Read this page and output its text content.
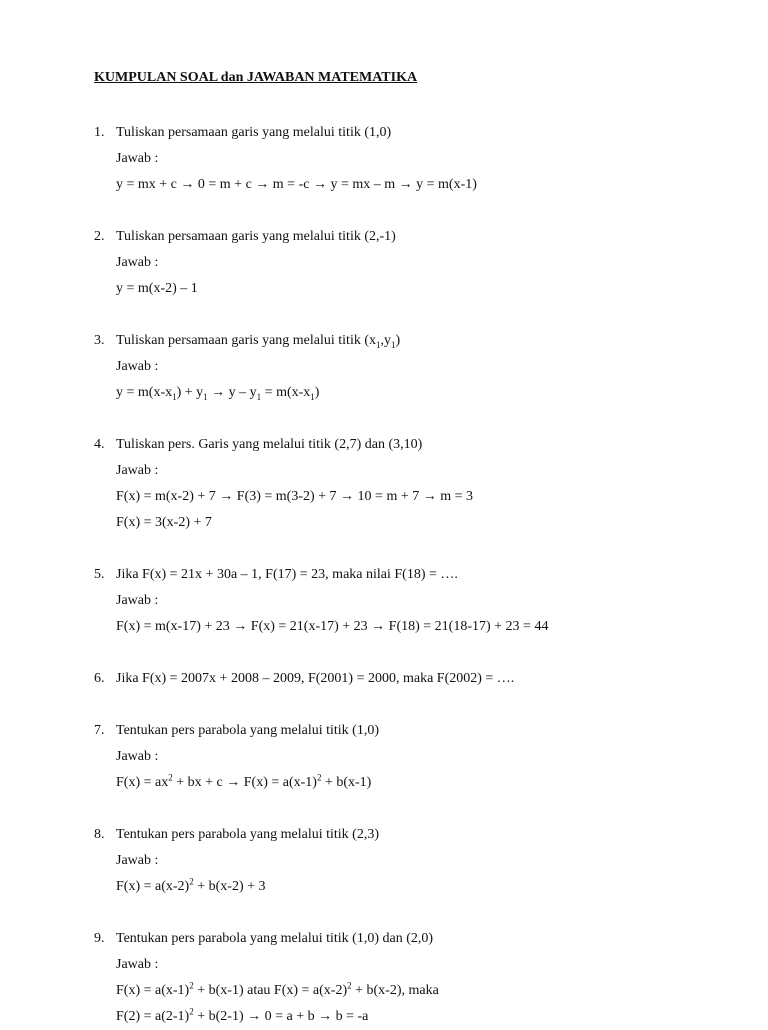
KUMPULAN SOAL dan JAWABAN MATEMATIKA
1. Tuliskan persamaan garis yang melalui titik (1,0)
Jawab :
y = mx + c → 0 = m + c → m = -c → y = mx – m → y = m(x-1)
2. Tuliskan persamaan garis yang melalui titik (2,-1)
Jawab :
y = m(x-2) – 1
3. Tuliskan persamaan garis yang melalui titik $(x_1,y_1)$
Jawab :
$y = m(x-x_1) + y_1 \to y - y_1 = m(x-x_1)$
4. Tuliskan pers. Garis yang melalui titik (2,7) dan (3,10)
Jawab :
F(x) = m(x-2) + 7 → F(3) = m(3-2) + 7 → 10 = m + 7 → m = 3
F(x) = 3(x-2) + 7
5. Jika F(x) = 21x + 30a – 1, F(17) = 23, maka nilai F(18) = ….
Jawab :
F(x) = m(x-17) + 23 → F(x) = 21(x-17) + 23 → F(18) = 21(18-17) + 23 = 44
6. Jika F(x) = 2007x + 2008 – 2009, F(2001) = 2000, maka F(2002) = ….
7. Tentukan pers parabola yang melalui titik (1,0)
Jawab :
$F(x) = ax^2$ + bx + $c \to F(x) = a(x-1)^2 + b(x-1)$
8. Tentukan pers parabola yang melalui titik (2,3)
Jawab :
$F(x) = a(x-2)^2 + b(x-2) + 3$
9. Tentukan pers parabola yang melalui titik (1,0) dan (2,0)
Jawab :
$F(x) = a(x-1)^2 + b(x-1)$ atau $F(x) = a(x-2)^2 + b(x-2)$, maka
$F(2) = a(2-1)^2 + b(2-1) \to 0 = a + b \to b = -a$
